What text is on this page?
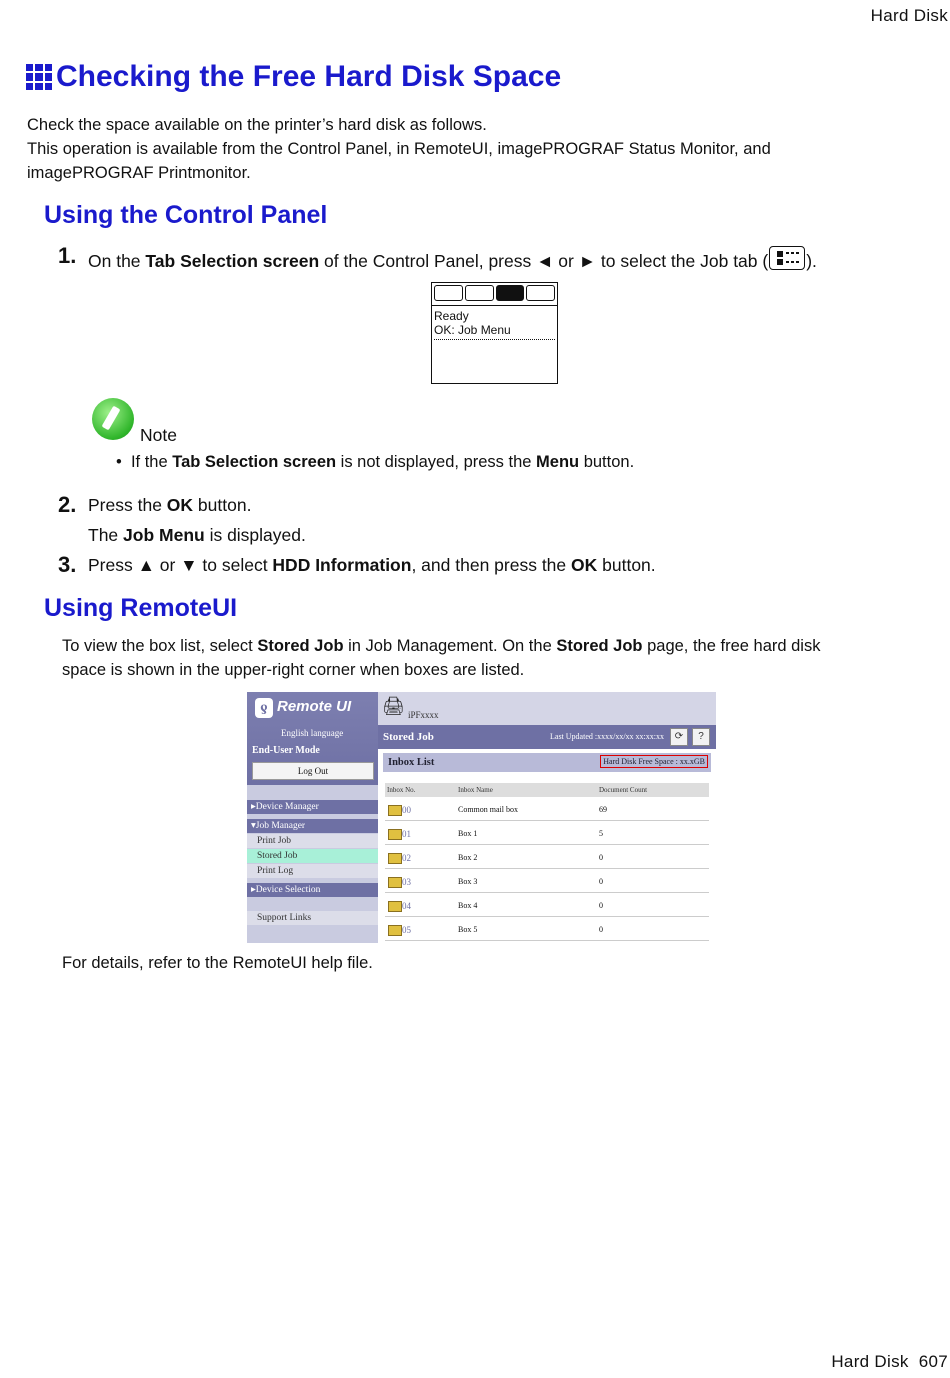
Hard Disk
Checking the Free Hard Disk Space
Check the space available on the printer’s hard disk as follows.
This operation is available from the Control Panel, in RemoteUI, imagePROGRAF Status Monitor, and
imagePROGRAF Printmonitor.
Using the Control Panel
1. On the Tab Selection screen of the Control Panel, press ◄ or ► to select the Job tab ( ).
Ready
OK: Job Menu
Note
•  If the Tab Selection screen is not displayed, press the Menu button.
2. Press the OK button.
The Job Menu is displayed.
3. Press ▲ or ▼ to select HDD Information, and then press the OK button.
Using RemoteUI
To view the box list, select Stored Job in Job Management. On the Stored Job page, the free hard disk
space is shown in the upper-right corner when boxes are listed.
ƍ Remote UI
English language
End-User Mode
Log Out
▸Device Manager
▾Job Manager
Print Job
Stored Job
Print Log
▸Device Selection
Support Links
🖨 iPFxxxx
Stored Job	Last Updated :xxxx/xx/xx xx:xx:xx	⟳	?
Inbox List	Hard Disk Free Space : xx.xGB
Inbox No.	Inbox Name	Document Count
00	Common mail box	69
01	Box 1	5
02	Box 2	0
03	Box 3	0
04	Box 4	0
05	Box 5	0
For details, refer to the RemoteUI help file.
Hard Disk 607
